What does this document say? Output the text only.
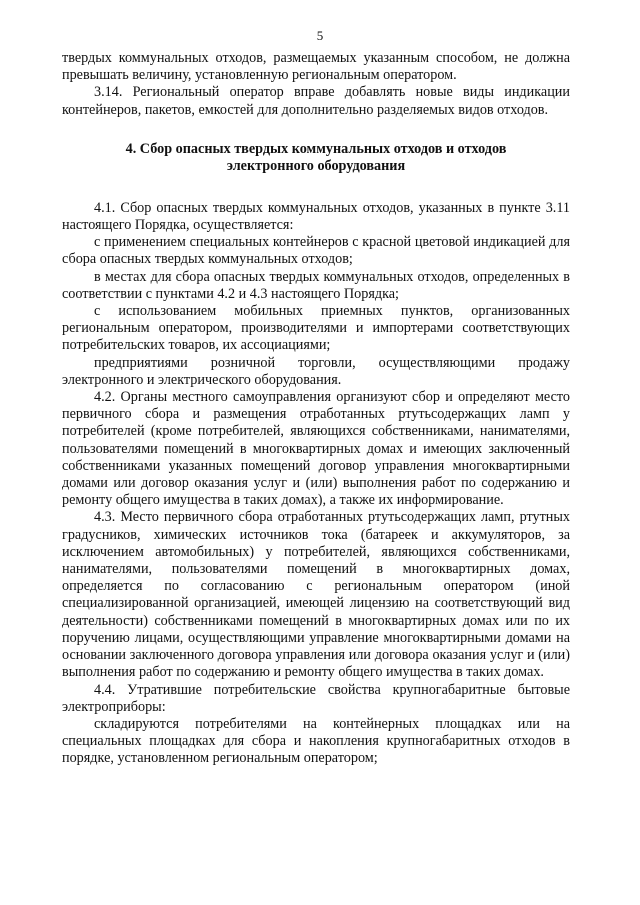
5

твердых коммунальных отходов, размещаемых указанным способом, не должна превышать величину, установленную региональным оператором.

3.14. Региональный оператор вправе добавлять новые виды индикации контейнеров, пакетов, емкостей для дополнительно разделяемых видов отходов.

4. Сбор опасных твердых коммунальных отходов и отходов
электронного оборудования

4.1. Сбор опасных твердых коммунальных отходов, указанных в пункте 3.11 настоящего Порядка, осуществляется:

с применением специальных контейнеров с красной цветовой индикацией для сбора опасных твердых коммунальных отходов;

в местах для сбора опасных твердых коммунальных отходов, определенных в соответствии с пунктами 4.2 и 4.3 настоящего Порядка;

с использованием мобильных приемных пунктов, организованных региональным оператором, производителями и импортерами соответствующих потребительских товаров, их ассоциациями;

предприятиями розничной торговли, осуществляющими продажу электронного и электрического оборудования.

4.2. Органы местного самоуправления организуют сбор и определяют место первичного сбора и размещения отработанных ртутьсодержащих ламп у потребителей (кроме потребителей, являющихся собственниками, нанимателями, пользователями помещений в многоквартирных домах и имеющих заключенный собственниками указанных помещений договор управления многоквартирными домами или договор оказания услуг и (или) выполнения работ по содержанию и ремонту общего имущества в таких домах), а также их информирование.

4.3. Место первичного сбора отработанных ртутьсодержащих ламп, ртутных градусников, химических источников тока (батареек и аккумуляторов, за исключением автомобильных) у потребителей, являющихся собственниками, нанимателями, пользователями помещений в многоквартирных домах, определяется по согласованию с региональным оператором (иной специализированной организацией, имеющей лицензию на соответствующий вид деятельности) собственниками помещений в многоквартирных домах или по их поручению лицами, осуществляющими управление многоквартирными домами на основании заключенного договора управления или договора оказания услуг и (или) выполнения работ по содержанию и ремонту общего имущества в таких домах.

4.4. Утратившие потребительские свойства крупногабаритные бытовые электроприборы:

складируются потребителями на контейнерных площадках или на специальных площадках для сбора и накопления крупногабаритных отходов в порядке, установленном региональным оператором;
